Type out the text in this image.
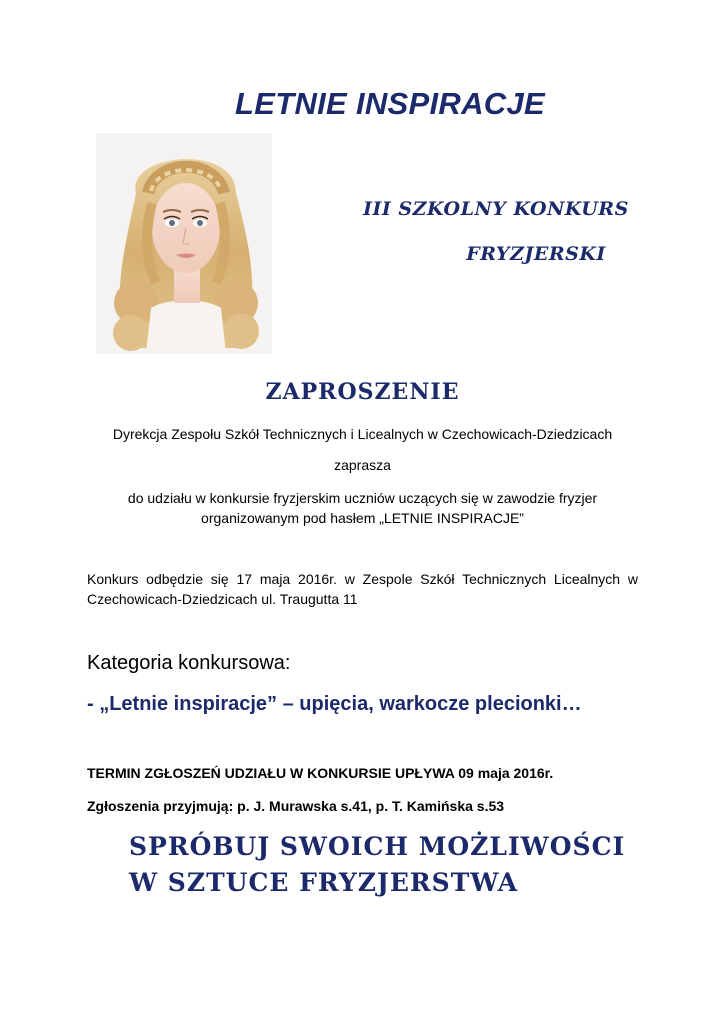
LETNIE INSPIRACJE
III SZKOLNY KONKURS
FRYZJERSKI
ZAPROSZENIE
Dyrekcja Zespołu Szkół Technicznych i Licealnych w Czechowicach-Dziedzicach
zaprasza
do udziału w konkursie fryzjerskim uczniów uczących się w zawodzie fryzjer
organizowanym pod hasłem „LETNIE INSPIRACJE”
Konkurs odbędzie się 17 maja 2016r. w Zespole Szkół Technicznych Licealnych w Czechowicach-Dziedzicach ul. Traugutta 11
Kategoria konkursowa:
- „Letnie inspiracje” – upięcia, warkocze plecionki…
TERMIN ZGŁOSZEŃ UDZIAŁU W KONKURSIE UPŁYWA 09 maja 2016r.
Zgłoszenia przyjmują: p. J. Murawska s.41, p. T. Kamińska s.53
SPRÓBUJ SWOICH MOŻLIWOŚCI
W SZTUCE FRYZJERSTWA
